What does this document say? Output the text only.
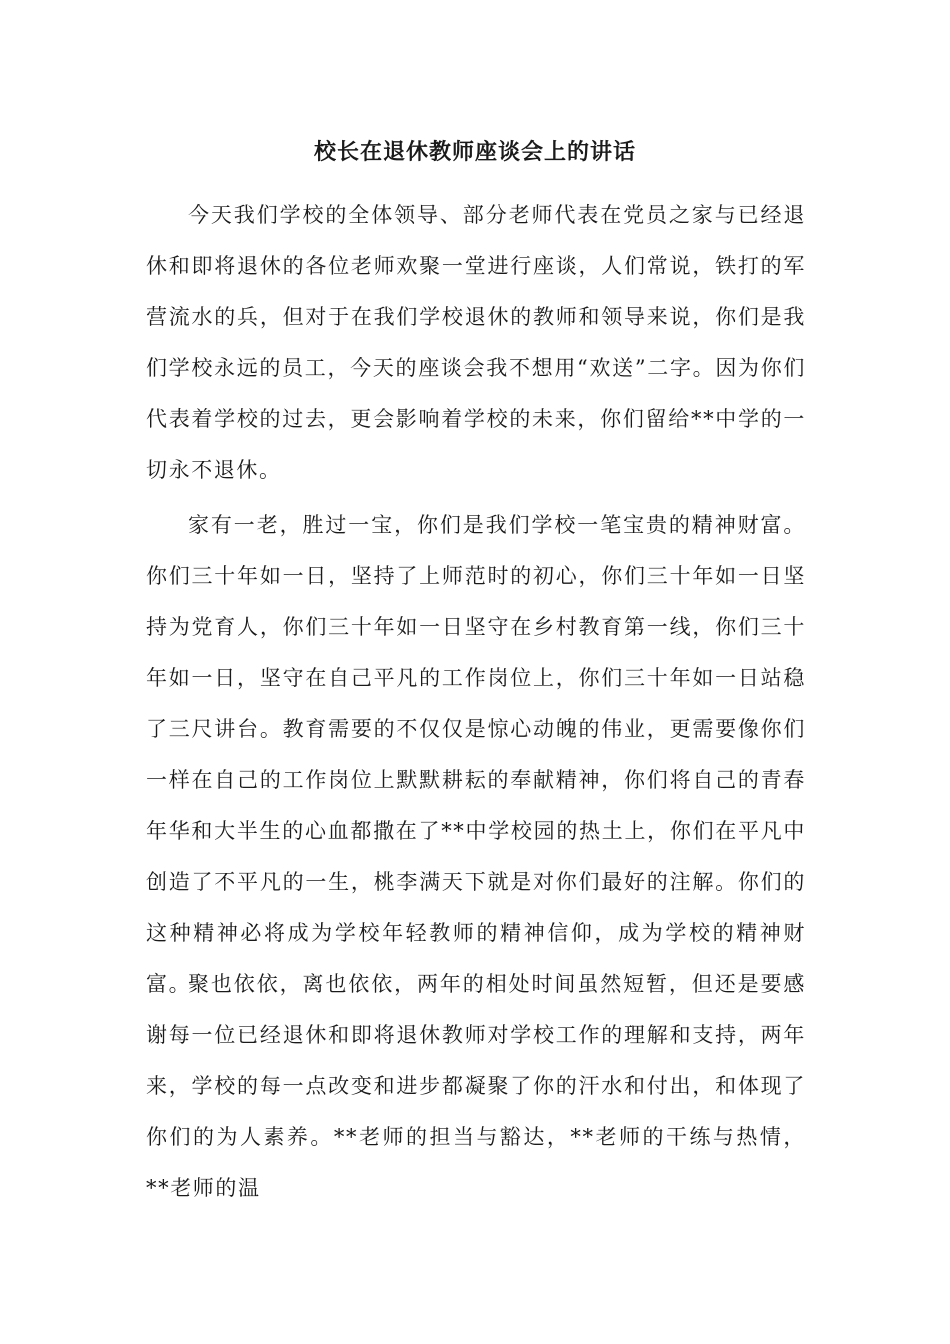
校长在退休教师座谈会上的讲话

今天我们学校的全体领导、部分老师代表在党员之家与已经退休和即将退休的各位老师欢聚一堂进行座谈，人们常说，铁打的军营流水的兵，但对于在我们学校退休的教师和领导来说，你们是我们学校永远的员工，今天的座谈会我不想用“欢送”二字。因为你们代表着学校的过去，更会影响着学校的未来，你们留给**中学的一切永不退休。

家有一老，胜过一宝，你们是我们学校一笔宝贵的精神财富。你们三十年如一日，坚持了上师范时的初心，你们三十年如一日坚持为党育人，你们三十年如一日坚守在乡村教育第一线，你们三十年如一日，坚守在自己平凡的工作岗位上，你们三十年如一日站稳了三尺讲台。教育需要的不仅仅是惊心动魄的伟业，更需要像你们一样在自己的工作岗位上默默耕耘的奉献精神，你们将自己的青春年华和大半生的心血都撒在了**中学校园的热土上，你们在平凡中创造了不平凡的一生，桃李满天下就是对你们最好的注解。你们的这种精神必将成为学校年轻教师的精神信仰，成为学校的精神财富。

聚也依依，离也依依，两年的相处时间虽然短暂，但还是要感谢每一位已经退休和即将退休教师对学校工作的理解和支持，两年来，学校的每一点改变和进步都凝聚了你的汗水和付出，和体现了你们的为人素养。**老师的担当与豁达，**老师的干练与热情，**老师的温
